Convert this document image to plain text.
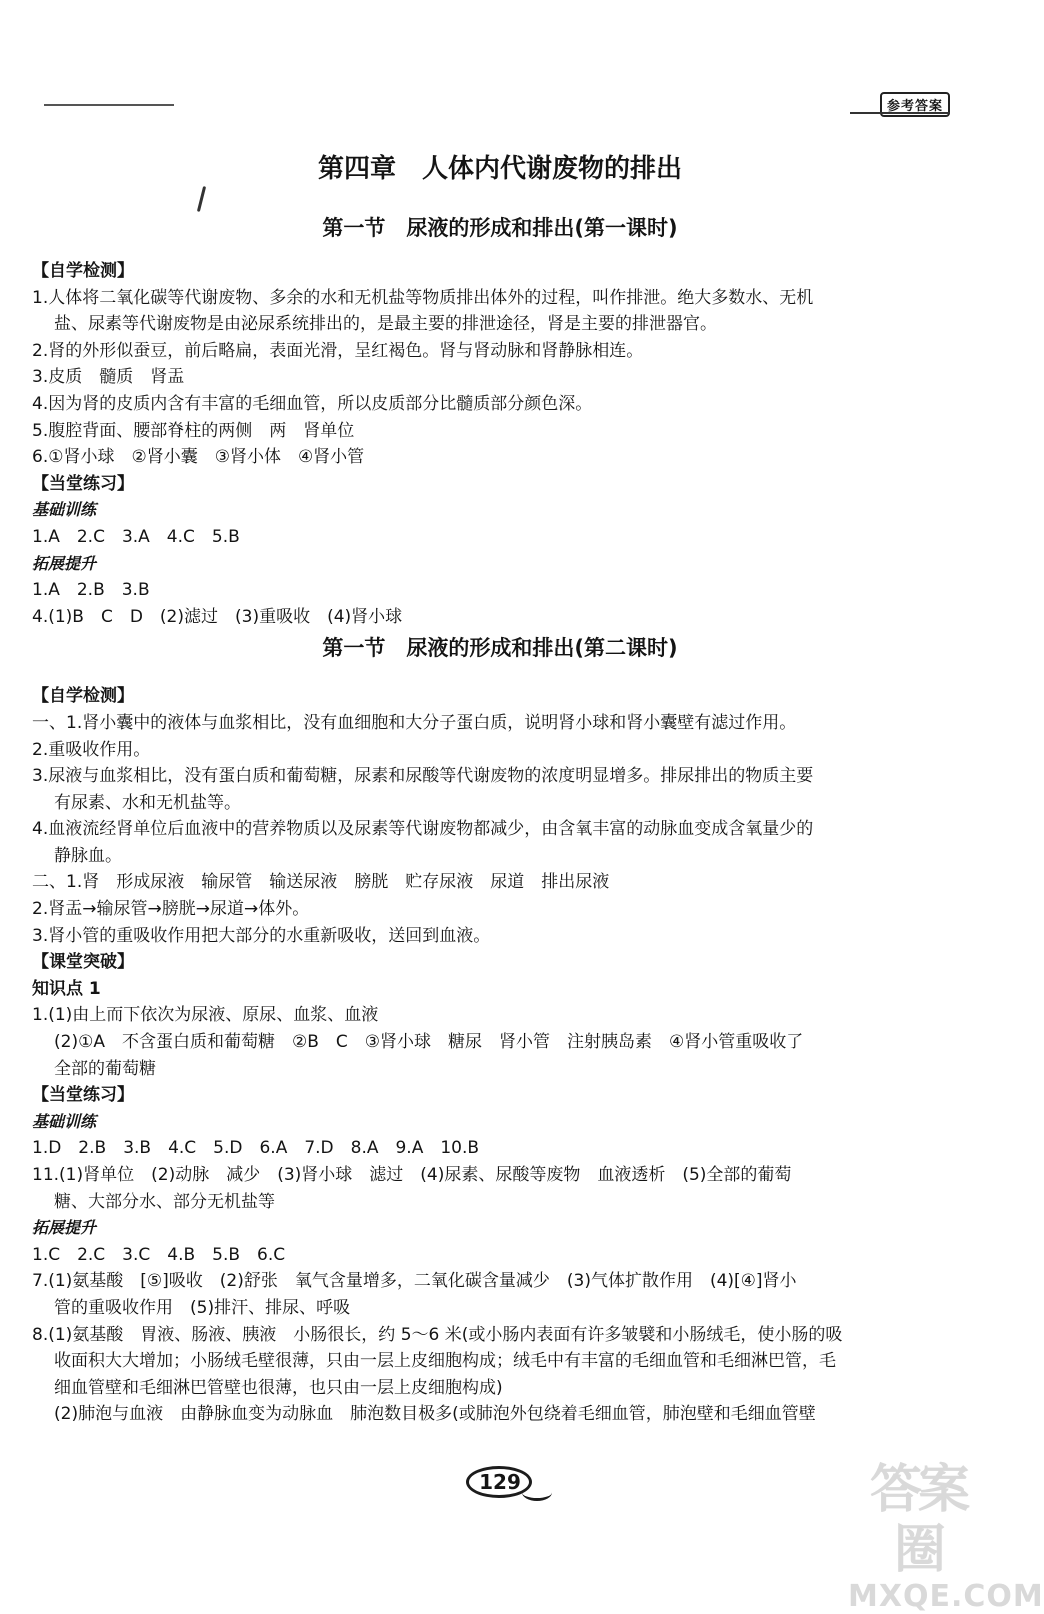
参考答案
第四章　人体内代谢废物的排出
第一节　尿液的形成和排出(第一课时)
第一节　尿液的形成和排出(第二课时)
【自学检测】
1.人体将二氧化碳等代谢废物、多余的水和无机盐等物质排出体外的过程，叫作排泄。绝大多数水、无机
盐、尿素等代谢废物是由泌尿系统排出的，是最主要的排泄途径，肾是主要的排泄器官。
2.肾的外形似蚕豆，前后略扁，表面光滑，呈红褐色。肾与肾动脉和肾静脉相连。
3.皮质　髓质　肾盂
4.因为肾的皮质内含有丰富的毛细血管，所以皮质部分比髓质部分颜色深。
5.腹腔背面、腰部脊柱的两侧　两　肾单位
6.①肾小球　②肾小囊　③肾小体　④肾小管
【当堂练习】
基础训练
1.A　2.C　3.A　4.C　5.B
拓展提升
1.A　2.B　3.B
4.(1)B　C　D　(2)滤过　(3)重吸收　(4)肾小球
【自学检测】
一、1.肾小囊中的液体与血浆相比，没有血细胞和大分子蛋白质，说明肾小球和肾小囊壁有滤过作用。
2.重吸收作用。
3.尿液与血浆相比，没有蛋白质和葡萄糖，尿素和尿酸等代谢废物的浓度明显增多。排尿排出的物质主要
有尿素、水和无机盐等。
4.血液流经肾单位后血液中的营养物质以及尿素等代谢废物都减少，由含氧丰富的动脉血变成含氧量少的
静脉血。
二、1.肾　形成尿液　输尿管　输送尿液　膀胱　贮存尿液　尿道　排出尿液
2.肾盂→输尿管→膀胱→尿道→体外。
3.肾小管的重吸收作用把大部分的水重新吸收，送回到血液。
【课堂突破】
知识点 1
1.(1)由上而下依次为尿液、原尿、血浆、血液
(2)①A　不含蛋白质和葡萄糖　②B　C　③肾小球　糖尿　肾小管　注射胰岛素　④肾小管重吸收了
全部的葡萄糖
【当堂练习】
基础训练
1.D　2.B　3.B　4.C　5.D　6.A　7.D　8.A　9.A　10.B
11.(1)肾单位　(2)动脉　减少　(3)肾小球　滤过　(4)尿素、尿酸等废物　血液透析　(5)全部的葡萄
糖、大部分水、部分无机盐等
拓展提升
1.C　2.C　3.C　4.B　5.B　6.C
7.(1)氨基酸　[⑤]吸收　(2)舒张　氧气含量增多，二氧化碳含量减少　(3)气体扩散作用　(4)[④]肾小
管的重吸收作用　(5)排汗、排尿、呼吸
8.(1)氨基酸　胃液、肠液、胰液　小肠很长，约 5～6 米(或小肠内表面有许多皱襞和小肠绒毛，使小肠的吸
收面积大大增加；小肠绒毛壁很薄，只由一层上皮细胞构成；绒毛中有丰富的毛细血管和毛细淋巴管，毛
细血管壁和毛细淋巴管壁也很薄，也只由一层上皮细胞构成)
(2)肺泡与血液　由静脉血变为动脉血　肺泡数目极多(或肺泡外包绕着毛细血管，肺泡壁和毛细血管壁
129	答案圈
MXQE.COM
